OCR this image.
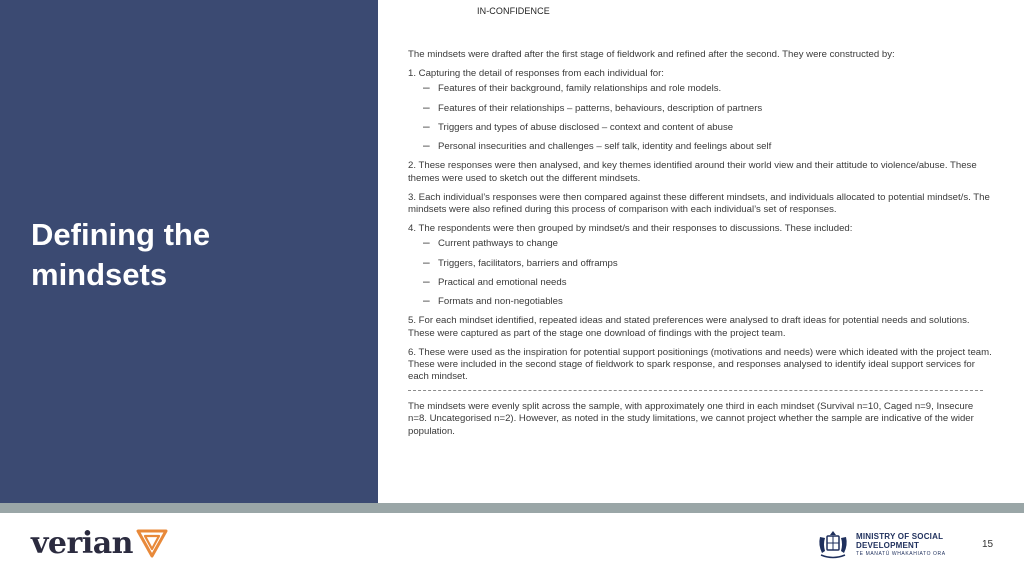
Defining the
mindsets
IN-CONFIDENCE

The mindsets were drafted after the first stage of fieldwork and refined after the second. They were constructed by:

1. Capturing the detail of responses from each individual for:

– Features of their background, family relationships and role models.
– Features of their relationships – patterns, behaviours, description of partners
– Triggers and types of abuse disclosed – context and content of abuse
– Personal insecurities and challenges – self talk, identity and feelings about self

2. These responses were then analysed, and key themes identified around their world view and their attitude to violence/abuse. These themes were used to sketch out the different mindsets.

3. Each individual’s responses were then compared against these different mindsets, and individuals allocated to potential mindset/s. The mindsets were also refined during this process of comparison with each individual’s set of responses.

4. The respondents were then grouped by mindset/s and their responses to discussions. These included:

– Current pathways to change
– Triggers, facilitators, barriers and offramps
– Practical and emotional needs
– Formats and non-negotiables

5. For each mindset identified, repeated ideas and stated preferences were analysed to draft ideas for potential needs and solutions. These were captured as part of the stage one download of findings with the project team.

6. These were used as the inspiration for potential support positionings (motivations and needs) were which ideated with the project team. These were included in the second stage of fieldwork to spark response, and responses analysed to identify ideal support services for each mindset.

The mindsets were evenly split across the sample, with approximately one third in each mindset (Survival n=10, Caged n=9, Insecure n=8. Uncategorised n=2). However, as noted in the study limitations, we cannot project whether the sample are indicative of the wider population.

verian	MINISTRY OF SOCIAL
DEVELOPMENT
TE MANATŪ WHAKAHIATO ORA
15
